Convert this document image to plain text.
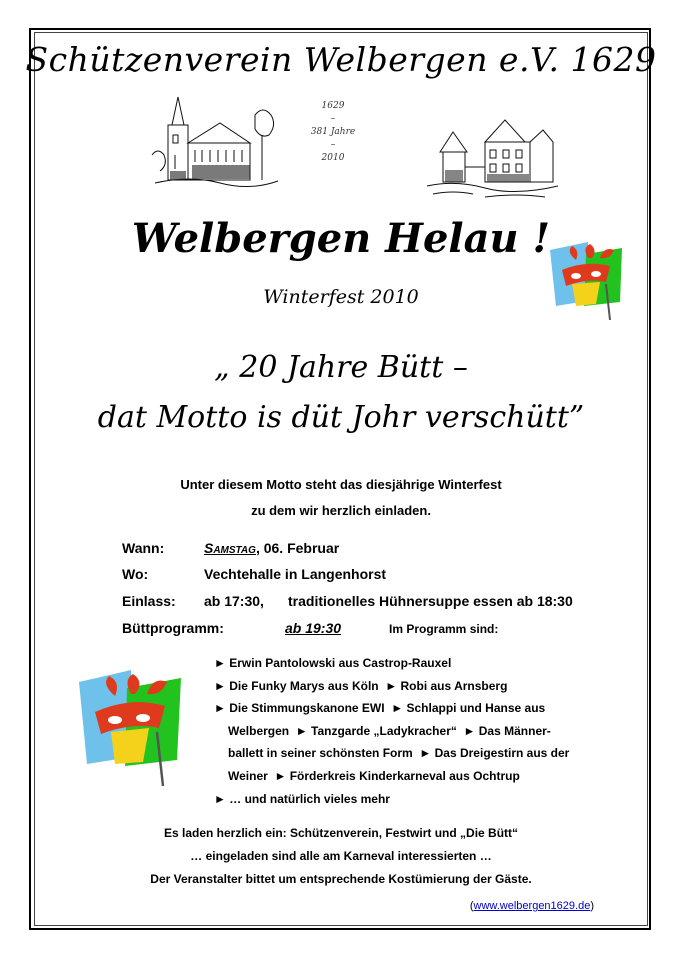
Schützenverein Welbergen e.V. 1629
1629
–
381 Jahre
–
2010
Welbergen Helau !
Winterfest 2010
„ 20 Jahre Bütt –
dat Motto is düt Johr verschütt”
Unter diesem Motto steht das diesjährige Winterfest
zu dem wir herzlich einladen.
Wann:	Samstag, 06. Februar
Wo:	Vechtehalle in Langenhorst
Einlass: ab 17:30, traditionelles Hühnersuppe essen ab 18:30
Büttprogramm:	ab 19:30	Im Programm sind:
► Erwin Pantolowski aus Castrop-Rauxel
► Die Funky Marys aus Köln ► Robi aus Arnsberg
► Die Stimmungskanone EWI ► Schlappi und Hanse aus
Welbergen ► Tanzgarde „Ladykracher“ ► Das Männer-
ballett in seiner schönsten Form ► Das Dreigestirn aus der
Weiner ► Förderkreis Kinderkarneval aus Ochtrup
► … und natürlich vieles mehr
Es laden herzlich ein: Schützenverein, Festwirt und „Die Bütt“
… eingeladen sind alle am Karneval interessierten …
Der Veranstalter bittet um entsprechende Kostümierung der Gäste.
(www.welbergen1629.de)
